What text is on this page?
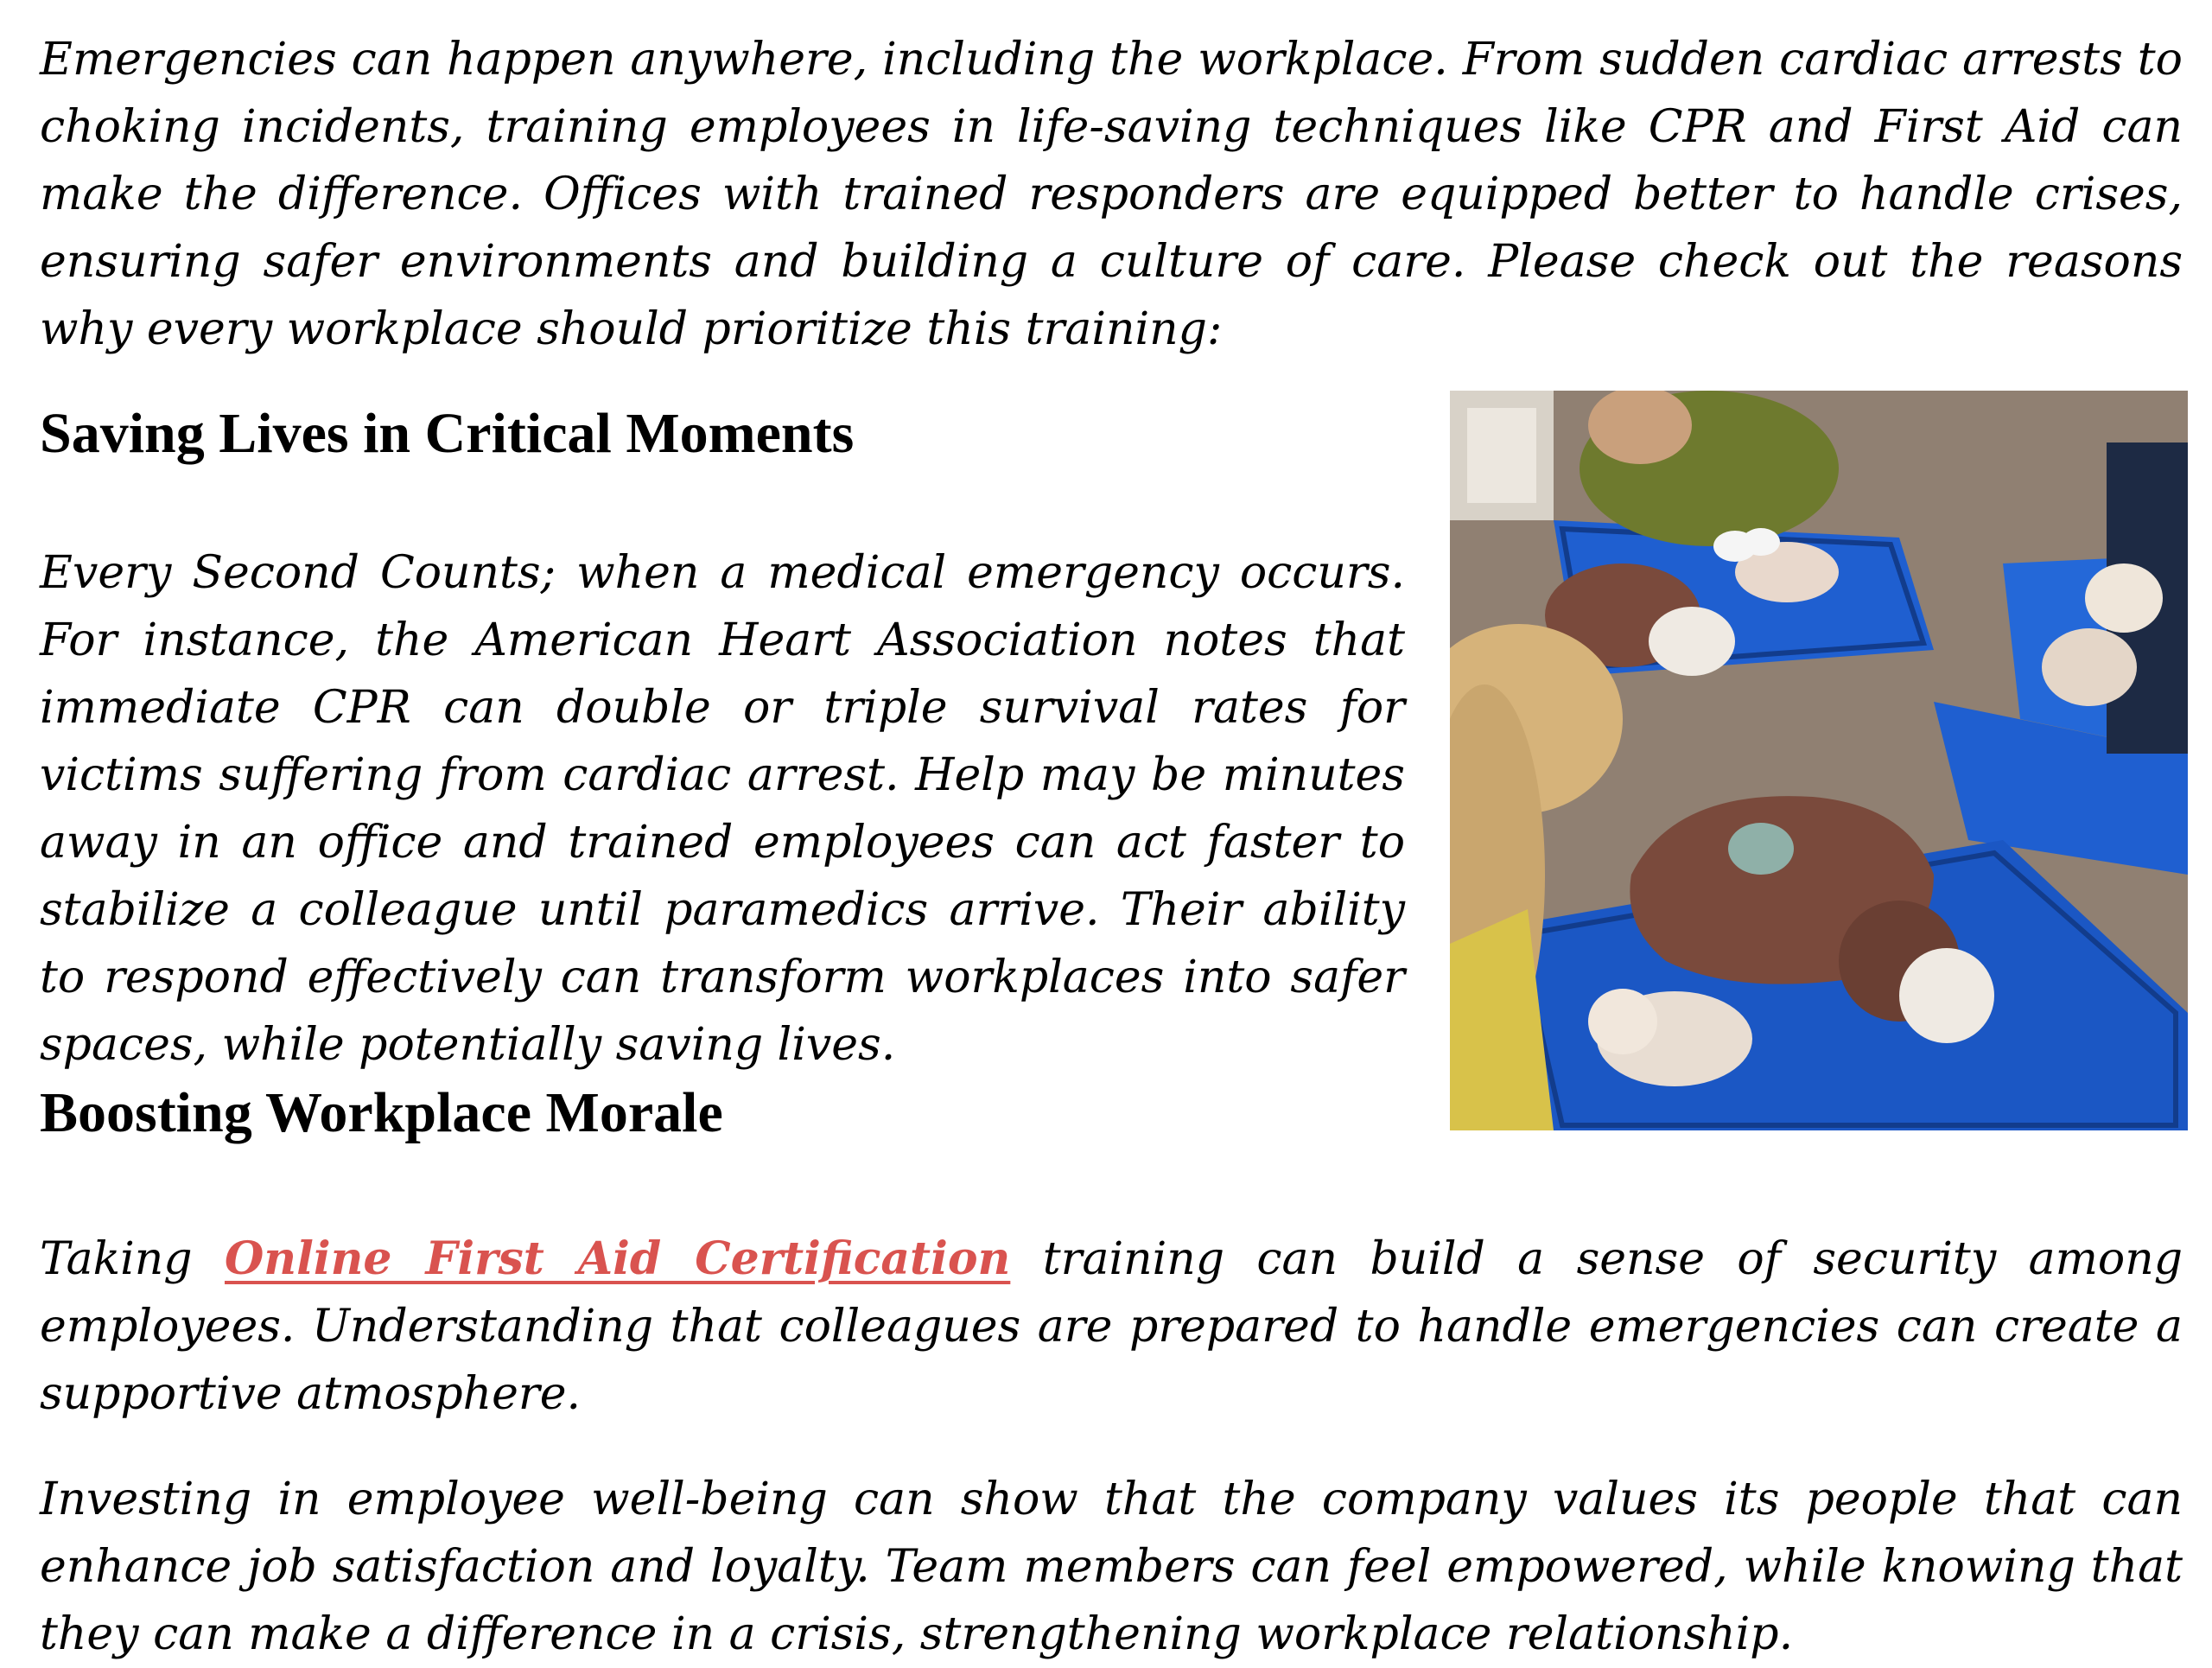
Emergencies can happen anywhere, including the workplace. From sudden cardiac arrests to choking incidents, training employees in life-saving techniques like CPR and First Aid can make the difference. Offices with trained responders are equipped better to handle crises, ensuring safer environments and building a culture of care. Please check out the reasons why every workplace should prioritize this training:

Saving Lives in Critical Moments

Every Second Counts; when a medical emergency occurs. For instance, the American Heart Association notes that immediate CPR can double or triple survival rates for victims suffering from cardiac arrest. Help may be minutes away in an office and trained employees can act faster to stabilize a colleague until paramedics arrive. Their ability to respond effectively can transform workplaces into safer spaces, while potentially saving lives.

Boosting Workplace Morale

Taking Online First Aid Certification training can build a sense of security among employees. Understanding that colleagues are prepared to handle emergencies can create a supportive atmosphere.

Investing in employee well-being can show that the company values its people that can enhance job satisfaction and loyalty. Team members can feel empowered, while knowing that they can make a difference in a crisis, strengthening workplace relationship.
